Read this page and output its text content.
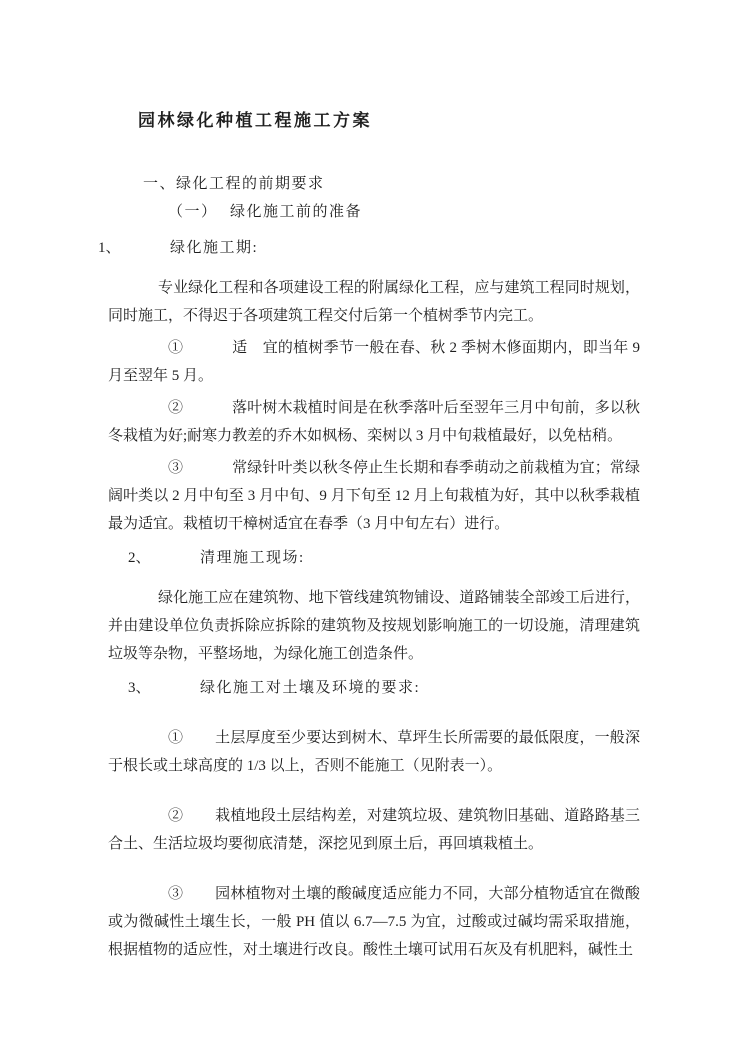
园林绿化种植工程施工方案
一、绿化工程的前期要求
（一） 绿化施工前的准备
1、	绿化施工期:

专业绿化工程和各项建设工程的附属绿化工程，应与建筑工程同时规划，同时施工，不得迟于各项建筑工程交付后第一个植树季节内完工。

①	适　宜的植树季节一般在春、秋 2 季树木修面期内，即当年 9 月至翌年 5 月。

②	落叶树木栽植时间是在秋季落叶后至翌年三月中旬前，多以秋冬栽植为好;耐寒力教差的乔木如枫杨、栾树以 3 月中旬栽植最好，以免枯稍。

③	常绿针叶类以秋冬停止生长期和春季萌动之前栽植为宜；常绿阔叶类以 2 月中旬至 3 月中旬、9 月下旬至 12 月上旬栽植为好，其中以秋季栽植最为适宜。栽植切干樟树适宜在春季（3 月中旬左右）进行。

2、	清理施工现场:

绿化施工应在建筑物、地下管线建筑物铺设、道路铺装全部竣工后进行，并由建设单位负责拆除应拆除的建筑物及按规划影响施工的一切设施，清理建筑垃圾等杂物，平整场地，为绿化施工创造条件。

3、	绿化施工对土壤及环境的要求:

① 土层厚度至少要达到树木、草坪生长所需要的最低限度，一般深于根长或土球高度的 1/3 以上，否则不能施工（见附表一）。

② 栽植地段土层结构差，对建筑垃圾、建筑物旧基础、道路路基三合土、生活垃圾均要彻底清楚，深挖见到原土后，再回填栽植土。

③ 园林植物对土壤的酸碱度适应能力不同，大部分植物适宜在微酸或为微碱性土壤生长，一般 PH 值以 6.7—7.5 为宜，过酸或过碱均需采取措施，根据植物的适应性，对土壤进行改良。酸性土壤可试用石灰及有机肥料，碱性土
